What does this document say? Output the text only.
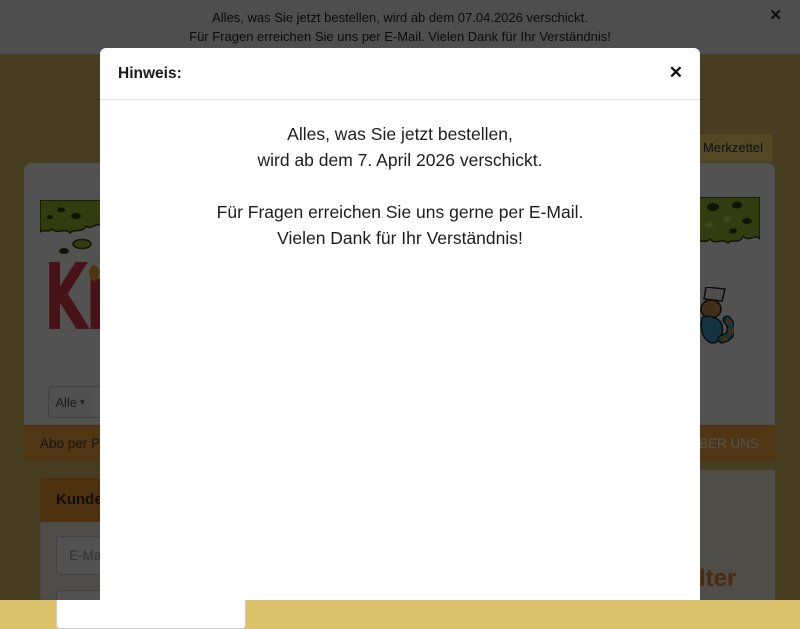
E-Mail-Adresse
Hinweis:	✕

Alles, was Sie jetzt bestellen,
wird ab dem 7. April 2026 verschickt.

Für Fragen erreichen Sie uns gerne per E-Mail.
Vielen Dank für Ihr Verständnis!
